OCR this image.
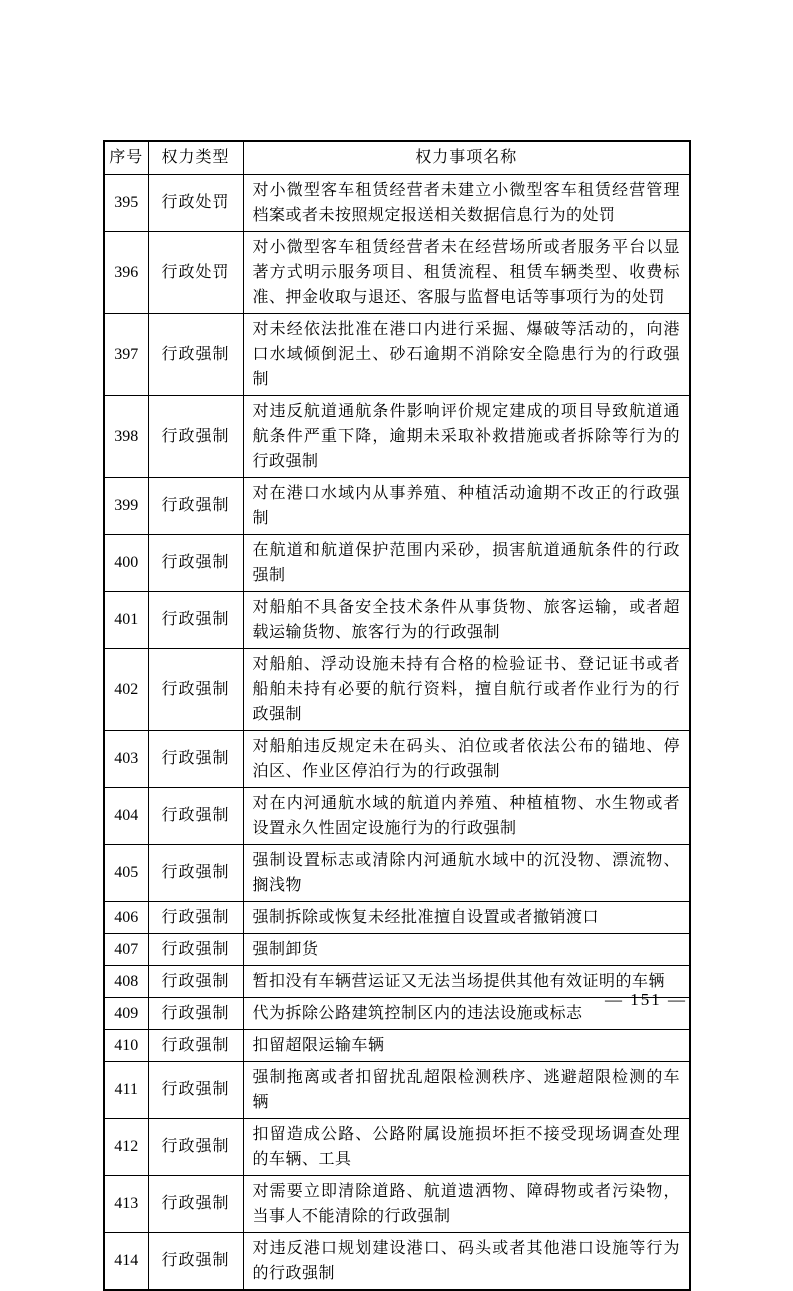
序号	权力类型	权力事项名称
395	行政处罚	对小微型客车租赁经营者未建立小微型客车租赁经营管理档案或者未按照规定报送相关数据信息行为的处罚
396	行政处罚	对小微型客车租赁经营者未在经营场所或者服务平台以显著方式明示服务项目、租赁流程、租赁车辆类型、收费标准、押金收取与退还、客服与监督电话等事项行为的处罚
397	行政强制	对未经依法批准在港口内进行采掘、爆破等活动的，向港口水域倾倒泥土、砂石逾期不消除安全隐患行为的行政强制
398	行政强制	对违反航道通航条件影响评价规定建成的项目导致航道通航条件严重下降，逾期未采取补救措施或者拆除等行为的行政强制
399	行政强制	对在港口水域内从事养殖、种植活动逾期不改正的行政强制
400	行政强制	在航道和航道保护范围内采砂，损害航道通航条件的行政强制
401	行政强制	对船舶不具备安全技术条件从事货物、旅客运输，或者超载运输货物、旅客行为的行政强制
402	行政强制	对船舶、浮动设施未持有合格的检验证书、登记证书或者船舶未持有必要的航行资料，擅自航行或者作业行为的行政强制
403	行政强制	对船舶违反规定未在码头、泊位或者依法公布的锚地、停泊区、作业区停泊行为的行政强制
404	行政强制	对在内河通航水域的航道内养殖、种植植物、水生物或者设置永久性固定设施行为的行政强制
405	行政强制	强制设置标志或清除内河通航水域中的沉没物、漂流物、搁浅物
406	行政强制	强制拆除或恢复未经批准擅自设置或者撤销渡口
407	行政强制	强制卸货
408	行政强制	暂扣没有车辆营运证又无法当场提供其他有效证明的车辆
409	行政强制	代为拆除公路建筑控制区内的违法设施或标志
410	行政强制	扣留超限运输车辆
411	行政强制	强制拖离或者扣留扰乱超限检测秩序、逃避超限检测的车辆
412	行政强制	扣留造成公路、公路附属设施损坏拒不接受现场调查处理的车辆、工具
413	行政强制	对需要立即清除道路、航道遗洒物、障碍物或者污染物，当事人不能清除的行政强制
414	行政强制	对违反港口规划建设港口、码头或者其他港口设施等行为的行政强制
— 151 —
